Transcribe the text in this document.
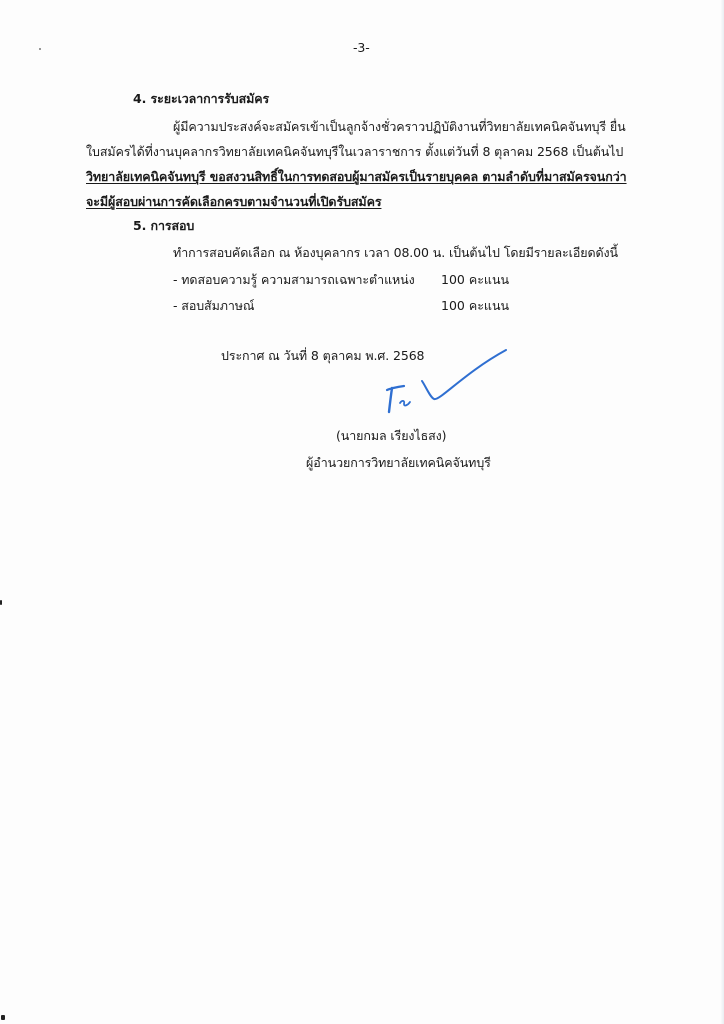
-3-
4. ระยะเวลาการรับสมัคร
ผู้มีความประสงค์จะสมัครเข้าเป็นลูกจ้างชั่วคราวปฏิบัติงานที่วิทยาลัยเทคนิคจันทบุรี ยื่น
ใบสมัครได้ที่งานบุคลากรวิทยาลัยเทคนิคจันทบุรีในเวลาราชการ ตั้งแต่วันที่ 8 ตุลาคม 2568 เป็นต้นไป
วิทยาลัยเทคนิคจันทบุรี ขอสงวนสิทธิ์ในการทดสอบผู้มาสมัครเป็นรายบุคคล ตามลำดับที่มาสมัครจนกว่า
จะมีผู้สอบผ่านการคัดเลือกครบตามจำนวนที่เปิดรับสมัคร
5. การสอบ
ทำการสอบคัดเลือก ณ ห้องบุคลากร เวลา 08.00 น. เป็นต้นไป โดยมีรายละเอียดดังนี้
- ทดสอบความรู้ ความสามารถเฉพาะตำแหน่ง 100 คะแนน
- สอบสัมภาษณ์	100 คะแนน
ประกาศ ณ วันที่ 8 ตุลาคม พ.ศ. 2568
(นายกมล เรียงไธสง)
ผู้อำนวยการวิทยาลัยเทคนิคจันทบุรี
